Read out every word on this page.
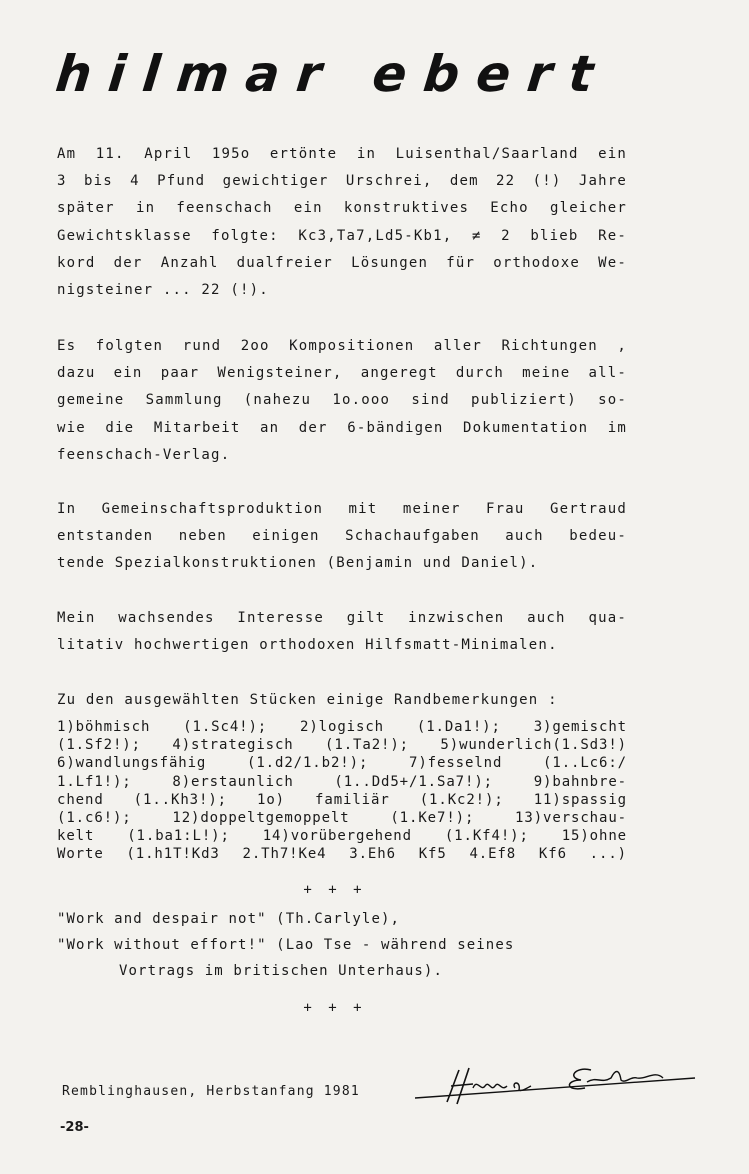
hilmar ebert
Am 11. April 195o ertönte in Luisenthal/Saarland ein
3 bis 4 Pfund gewichtiger Urschrei, dem 22 (!) Jahre
später in feenschach ein konstruktives Echo gleicher
Gewichtsklasse folgte: Kc3,Ta7,Ld5-Kb1, ≠ 2 blieb Re-
kord der Anzahl dualfreier Lösungen für orthodoxe We-
nigsteiner ... 22 (!).
Es folgten rund 2oo Kompositionen aller Richtungen ,
dazu ein paar Wenigsteiner, angeregt durch meine all-
gemeine Sammlung (nahezu 1o.ooo sind publiziert) so-
wie die Mitarbeit an der 6-bändigen Dokumentation im
feenschach-Verlag.
In Gemeinschaftsproduktion mit meiner Frau Gertraud
entstanden neben einigen Schachaufgaben auch bedeu-
tende Spezialkonstruktionen (Benjamin und Daniel).
Mein wachsendes Interesse gilt inzwischen auch qua-
litativ hochwertigen orthodoxen Hilfsmatt-Minimalen.
Zu den ausgewählten Stücken einige Randbemerkungen :
1)böhmisch (1.Sc4!); 2)logisch (1.Da1!); 3)gemischt
(1.Sf2!); 4)strategisch (1.Ta2!); 5)wunderlich(1.Sd3!)
6)wandlungsfähig (1.d2/1.b2!); 7)fesselnd (1..Lc6:/
1.Lf1!); 8)erstaunlich (1..Dd5+/1.Sa7!); 9)bahnbre-
chend (1..Kh3!); 1o) familiär (1.Kc2!); 11)spassig
(1.c6!); 12)doppeltgemoppelt (1.Ke7!); 13)verschau-
kelt (1.ba1:L!); 14)vorübergehend (1.Kf4!); 15)ohne
Worte (1.h1T!Kd3 2.Th7!Ke4 3.Eh6 Kf5 4.Ef8 Kf6 ...)

+ + +

"Work and despair not" (Th.Carlyle),
"Work without effort!" (Lao Tse - während seines
Vortrags im britischen Unterhaus).

+ + +

Remblinghausen, Herbstanfang 1981

-28-
